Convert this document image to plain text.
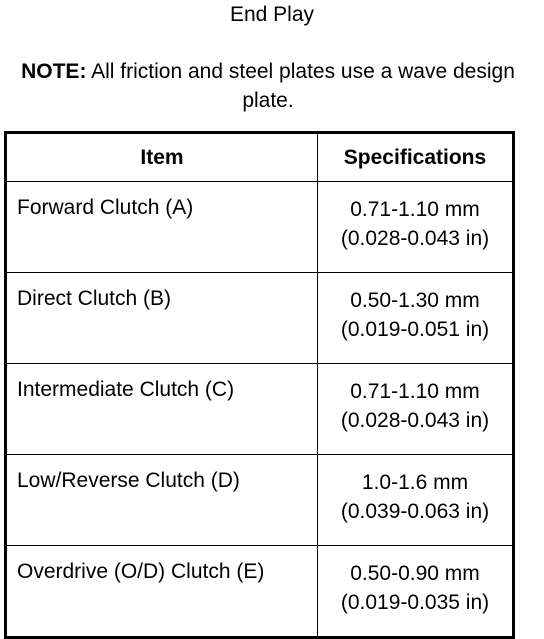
End Play
NOTE: All friction and steel plates use a wave design plate.
Item	Specifications
Forward Clutch (A)	0.71-1.10 mm
(0.028-0.043 in)

Direct Clutch (B)	0.50-1.30 mm
(0.019-0.051 in)

Intermediate Clutch (C)	0.71-1.10 mm
(0.028-0.043 in)

Low/Reverse Clutch (D)	1.0-1.6 mm
(0.039-0.063 in)

Overdrive (O/D) Clutch (E)	0.50-0.90 mm
(0.019-0.035 in)
